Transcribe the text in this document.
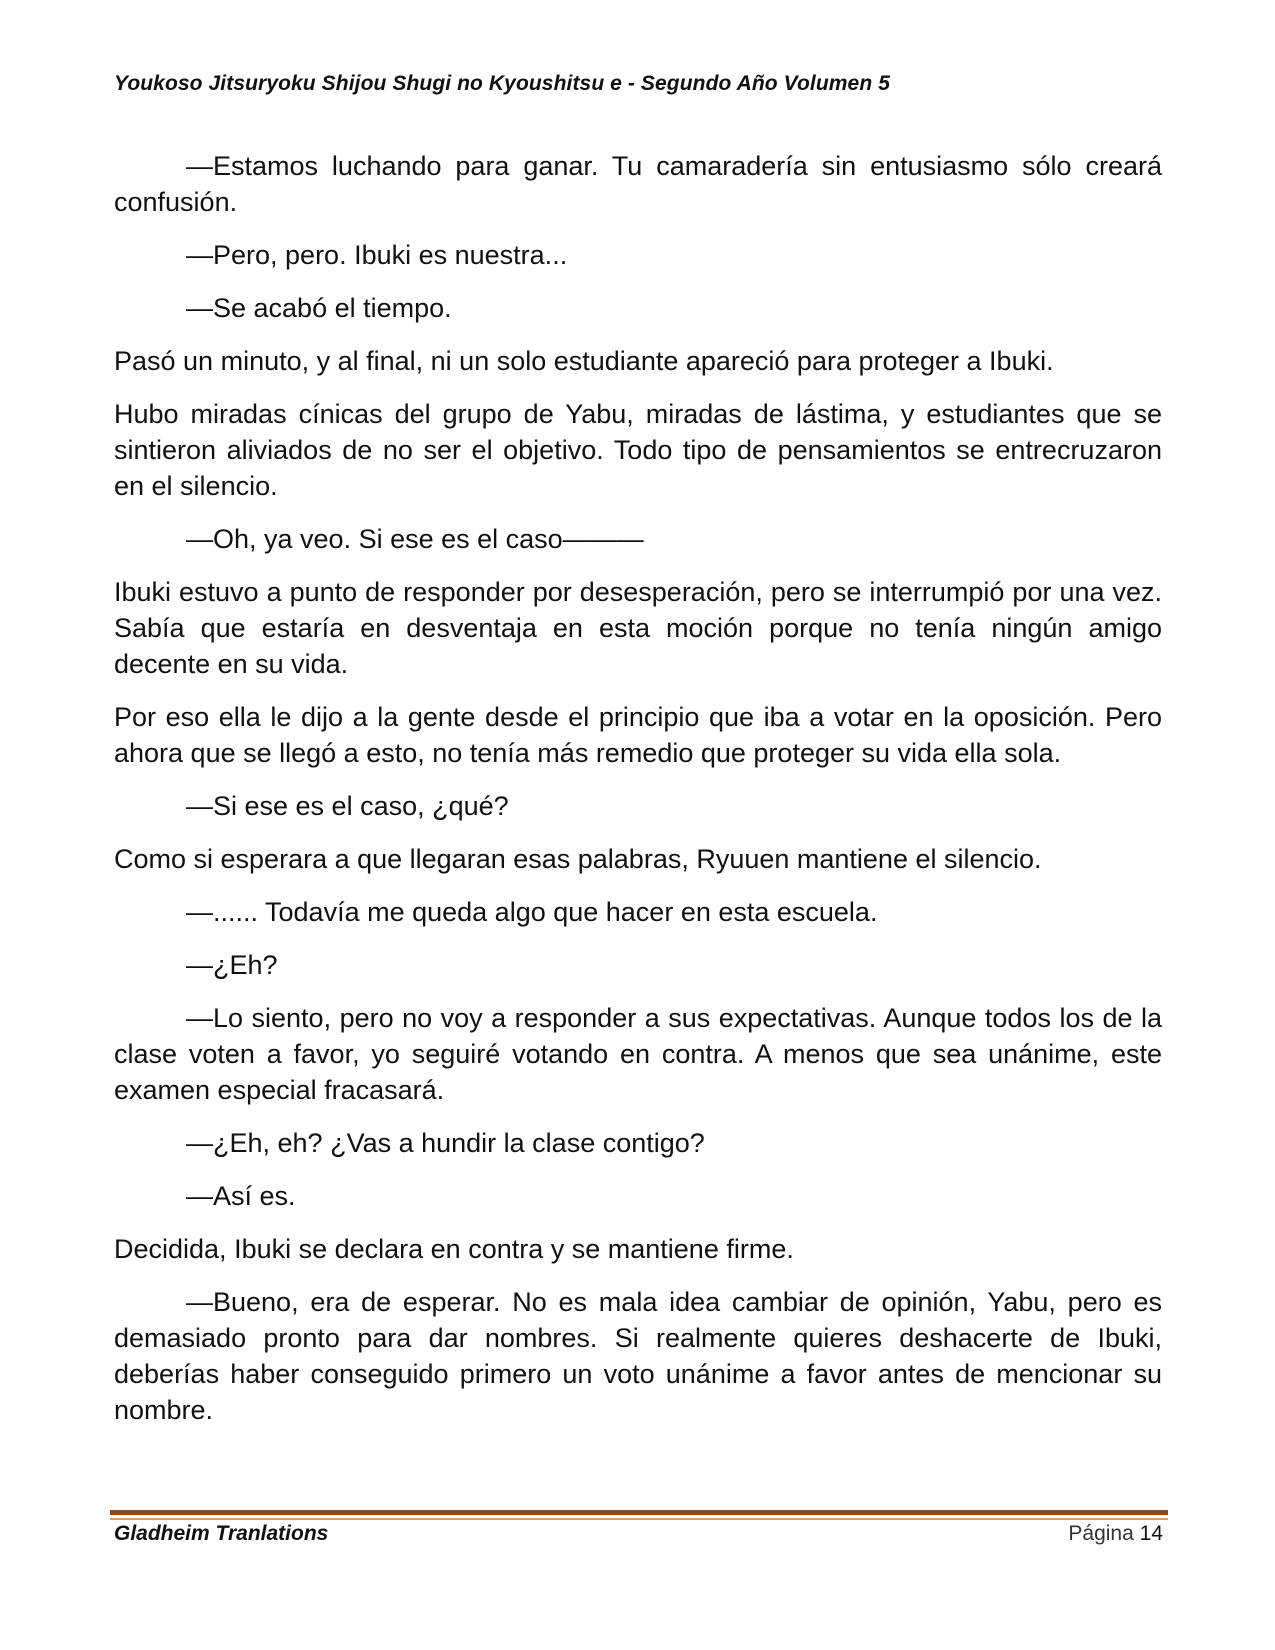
Youkoso Jitsuryoku Shijou Shugi no Kyoushitsu e - Segundo Año Volumen 5

—Estamos luchando para ganar. Tu camaradería sin entusiasmo sólo creará confusión.

—Pero, pero. Ibuki es nuestra...

—Se acabó el tiempo.

Pasó un minuto, y al final, ni un solo estudiante apareció para proteger a Ibuki.

Hubo miradas cínicas del grupo de Yabu, miradas de lástima, y estudiantes que se sintieron aliviados de no ser el objetivo. Todo tipo de pensamientos se entrecruzaron en el silencio.

—Oh, ya veo. Si ese es el caso———

Ibuki estuvo a punto de responder por desesperación, pero se interrumpió por una vez. Sabía que estaría en desventaja en esta moción porque no tenía ningún amigo decente en su vida.

Por eso ella le dijo a la gente desde el principio que iba a votar en la oposición. Pero ahora que se llegó a esto, no tenía más remedio que proteger su vida ella sola.

—Si ese es el caso, ¿qué?

Como si esperara a que llegaran esas palabras, Ryuuen mantiene el silencio.

—...... Todavía me queda algo que hacer en esta escuela.

—¿Eh?

—Lo siento, pero no voy a responder a sus expectativas. Aunque todos los de la clase voten a favor, yo seguiré votando en contra. A menos que sea unánime, este examen especial fracasará.

—¿Eh, eh? ¿Vas a hundir la clase contigo?

—Así es.

Decidida, Ibuki se declara en contra y se mantiene firme.

—Bueno, era de esperar. No es mala idea cambiar de opinión, Yabu, pero es demasiado pronto para dar nombres. Si realmente quieres deshacerte de Ibuki, deberías haber conseguido primero un voto unánime a favor antes de mencionar su nombre.

Gladheim Tranlations	Página 14
